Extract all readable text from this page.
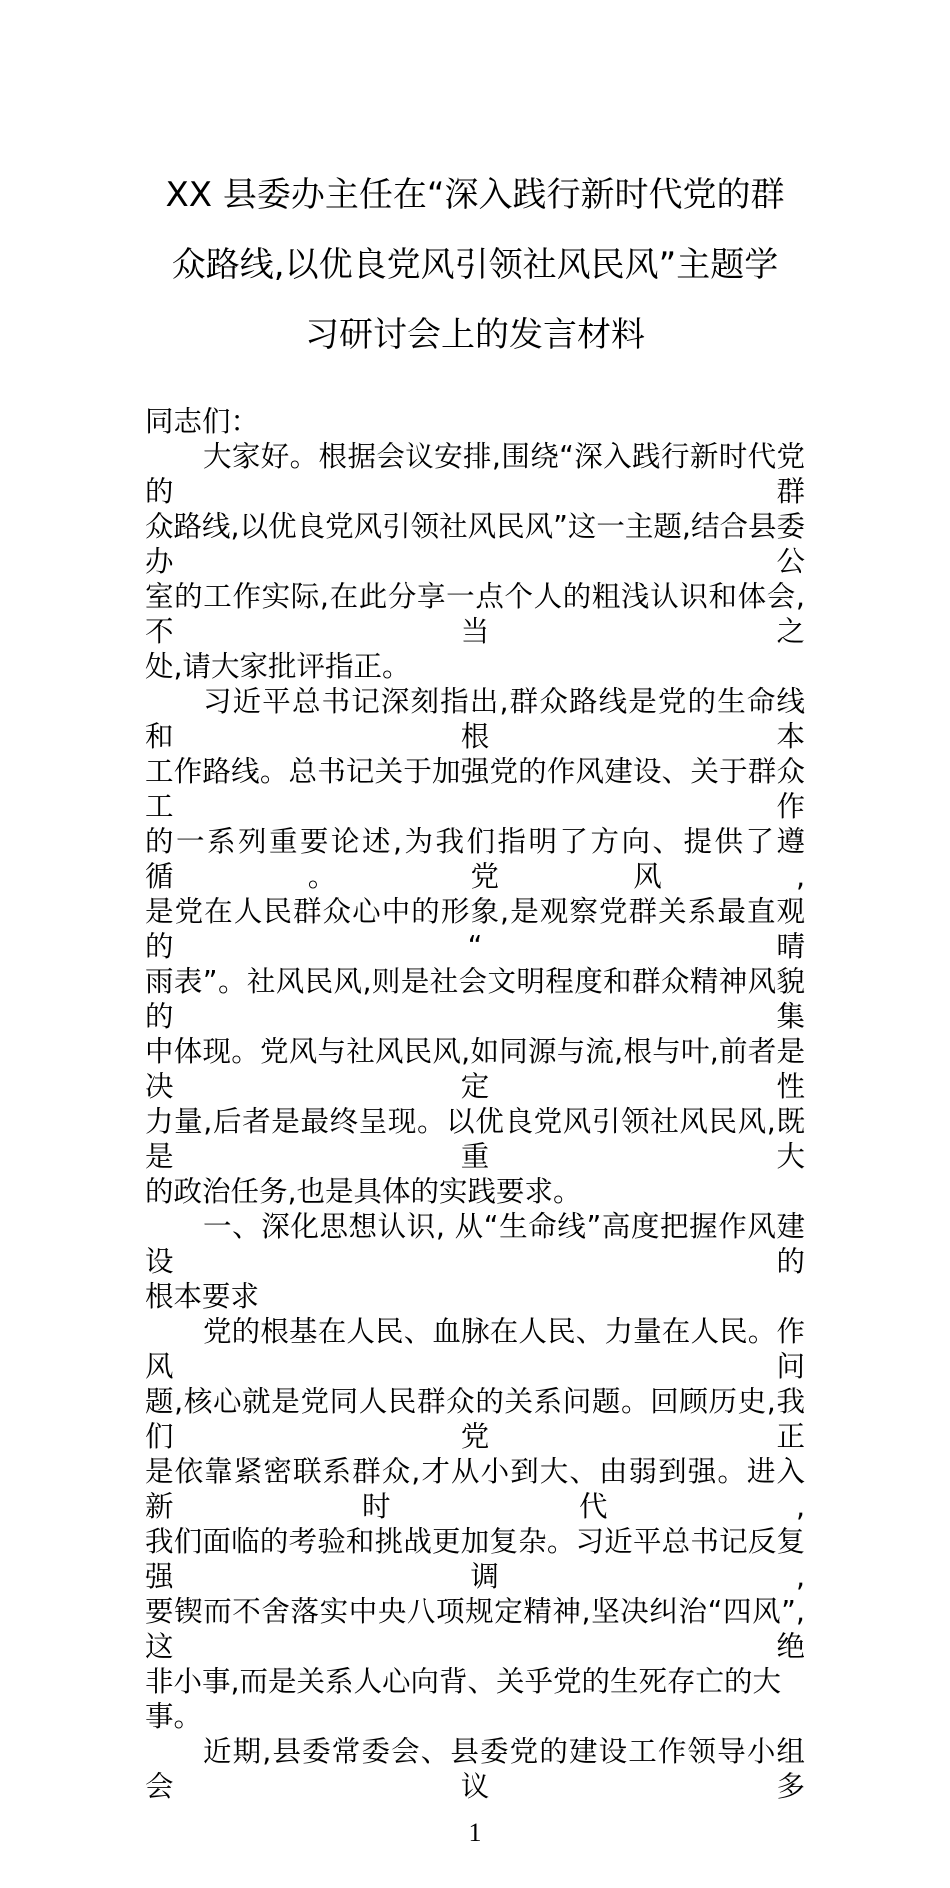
XX 县委办主任在“深入践行新时代党的群
众路线,以优良党风引领社风民风”主题学
习研讨会上的发言材料
同志们：
大家好。根据会议安排,围绕“深入践行新时代党的群
众路线,以优良党风引领社风民风”这一主题,结合县委办公
室的工作实际,在此分享一点个人的粗浅认识和体会,不当之
处,请大家批评指正。
习近平总书记深刻指出,群众路线是党的生命线和根本
工作路线。总书记关于加强党的作风建设、关于群众工作
的一系列重要论述,为我们指明了方向、提供了遵循。党风,
是党在人民群众心中的形象,是观察党群关系最直观的“晴
雨表”。社风民风,则是社会文明程度和群众精神风貌的集
中体现。党风与社风民风,如同源与流,根与叶,前者是决定性
力量,后者是最终呈现。以优良党风引领社风民风,既是重大
的政治任务,也是具体的实践要求。
一、深化思想认识, 从“生命线”高度把握作风建设的
根本要求
党的根基在人民、血脉在人民、力量在人民。作风问
题,核心就是党同人民群众的关系问题。回顾历史,我们党正
是依靠紧密联系群众,才从小到大、由弱到强。进入新时代,
我们面临的考验和挑战更加复杂。习近平总书记反复强调,
要锲而不舍落实中央八项规定精神,坚决纠治“四风”,这绝
非小事,而是关系人心向背、关乎党的生死存亡的大事。
近期,县委常委会、县委党的建设工作领导小组会议多
1
